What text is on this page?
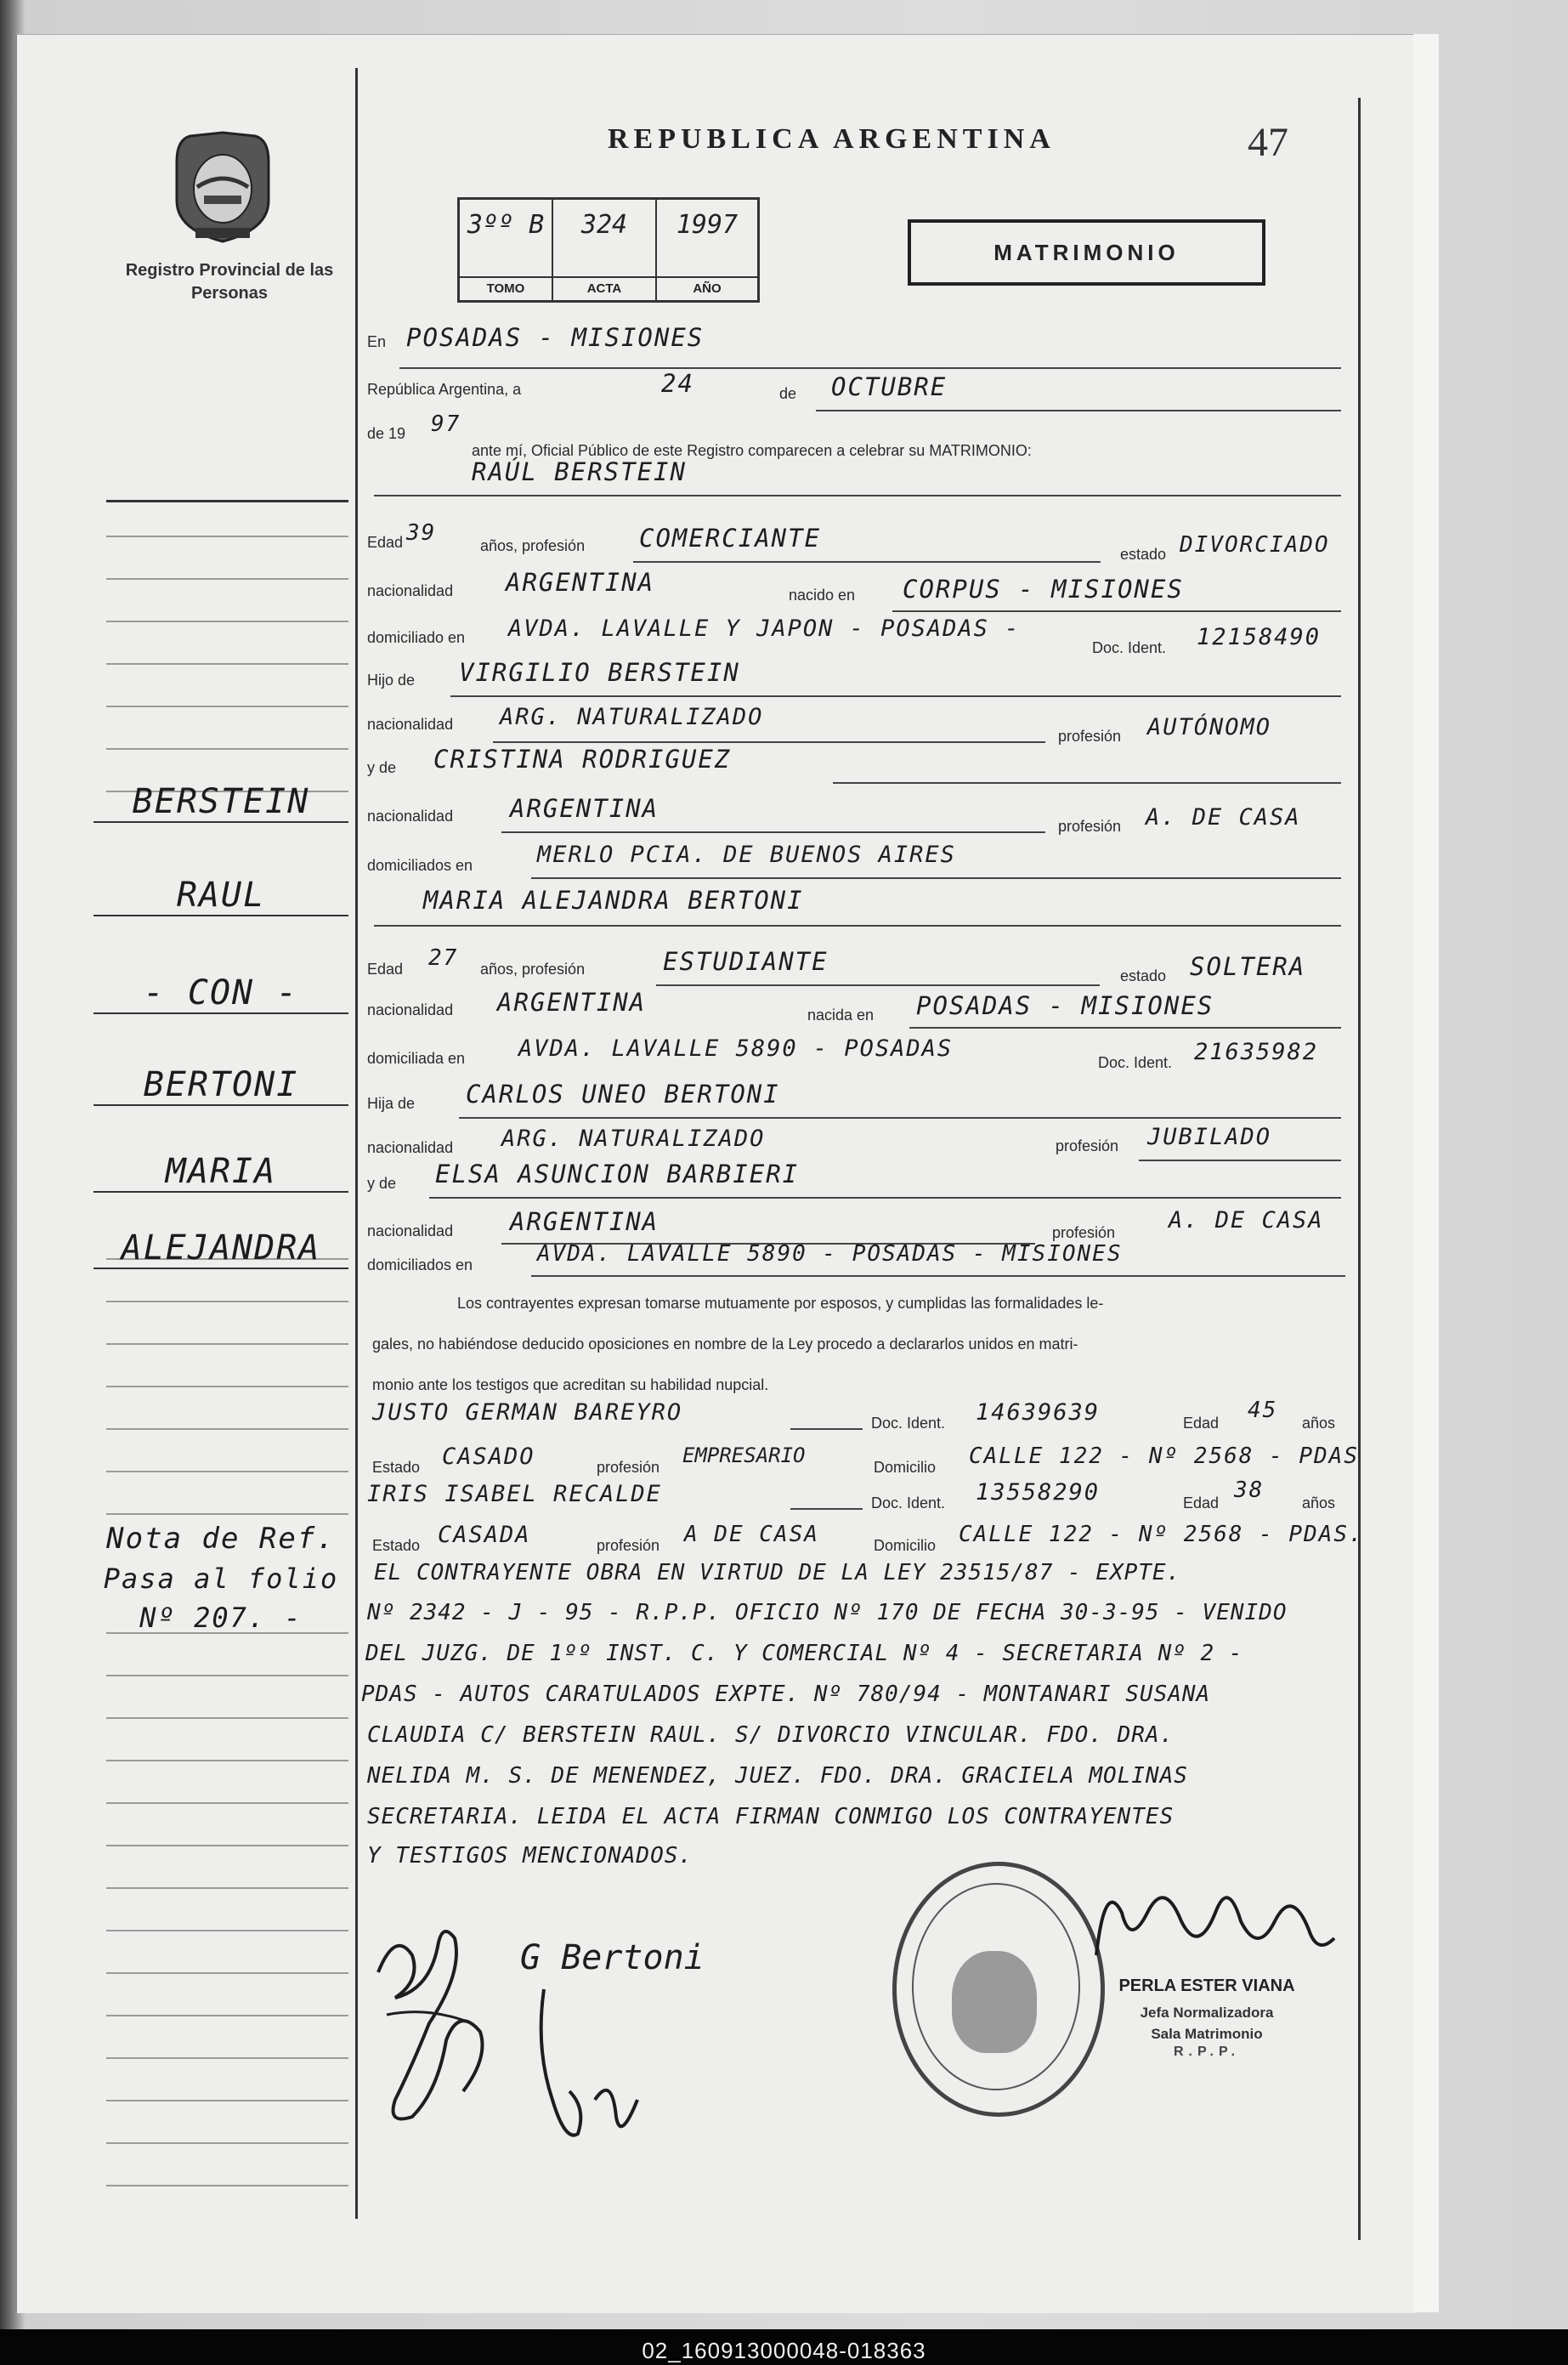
Registro Provincial de las Personas
REPUBLICA ARGENTINA	47
3ºº B
TOMO
324
ACTA
1997
AÑO
MATRIMONIO
En POSADAS - MISIONES
República Argentina, a	24	de OCTUBRE
de 19 97
ante mí, Oficial Público de este Registro comparecen a celebrar su MATRIMONIO:
RAÚL BERSTEIN
Edad 39	años, profesión COMERCIANTE
estado DIVORCIADO
nacionalidad ARGENTINA	nacido en CORPUS - MISIONES
domiciliado en AVDA. LAVALLE Y JAPON - POSADAS -
Doc. Ident. 12158490
Hijo de VIRGILIO BERSTEIN
nacionalidad ARG. NATURALIZADO
profesión AUTÓNOMO
y de CRISTINA RODRIGUEZ
nacionalidad ARGENTINA
profesión A. DE CASA
domiciliados en	MERLO PCIA. DE BUENOS AIRES
MARIA ALEJANDRA BERTONI
Edad 27 años, profesión	ESTUDIANTE	estado SOLTERA
nacionalidad ARGENTINA	nacida en POSADAS - MISIONES
domiciliada en AVDA. LAVALLE 5890 - POSADAS
Doc. Ident. 21635982
Hija de CARLOS UNEO BERTONI
nacionalidad ARG. NATURALIZADO	profesión JUBILADO
y de ELSA ASUNCION BARBIERI
nacionalidad ARGENTINA	profesión A. DE CASA
domiciliados en	AVDA. LAVALLE 5890 - POSADAS - MISIONES
Los contrayentes expresan tomarse mutuamente por esposos, y cumplidas las formalidades le-
gales, no habiéndose deducido oposiciones en nombre de la Ley procedo a declararlos unidos en matri-
monio ante los testigos que acreditan su habilidad nupcial.
JUSTO GERMAN BAREYRO	Doc. Ident. 14639639	Edad 45 años
Estado CASADO	profesión EMPRESARIO	Domicilio CALLE 122 - Nº 2568 - PDAS
IRIS ISABEL RECALDE	Doc. Ident. 13558290	Edad 38 años
Estado CASADA	profesión A DE CASA	Domicilio CALLE 122 - Nº 2568 - PDAS.
EL CONTRAYENTE OBRA EN VIRTUD DE LA LEY 23515/87 - EXPTE.
Nº 2342 - J - 95 - R.P.P. OFICIO Nº 170 DE FECHA 30-3-95 - VENIDO
DEL JUZG. DE 1ºº INST. C. Y COMERCIAL Nº 4 - SECRETARIA Nº 2 -
PDAS - AUTOS CARATULADOS EXPTE. Nº 780/94 - MONTANARI SUSANA
CLAUDIA C/ BERSTEIN RAUL. S/ DIVORCIO VINCULAR. FDO. DRA.
NELIDA M. S. DE MENENDEZ, JUEZ. FDO. DRA. GRACIELA MOLINAS
SECRETARIA. LEIDA EL ACTA FIRMAN CONMIGO LOS CONTRAYENTES
Y TESTIGOS MENCIONADOS.
BERSTEIN
RAUL
- CON -
BERTONI
MARIA
ALEJANDRA
Nota de Ref.
Pasa al folio
Nº 207. -
G Bertoni
PERLA ESTER VIANA
Jefa Normalizadora
Sala Matrimonio
R.P.P.
02_160913000048-018363
